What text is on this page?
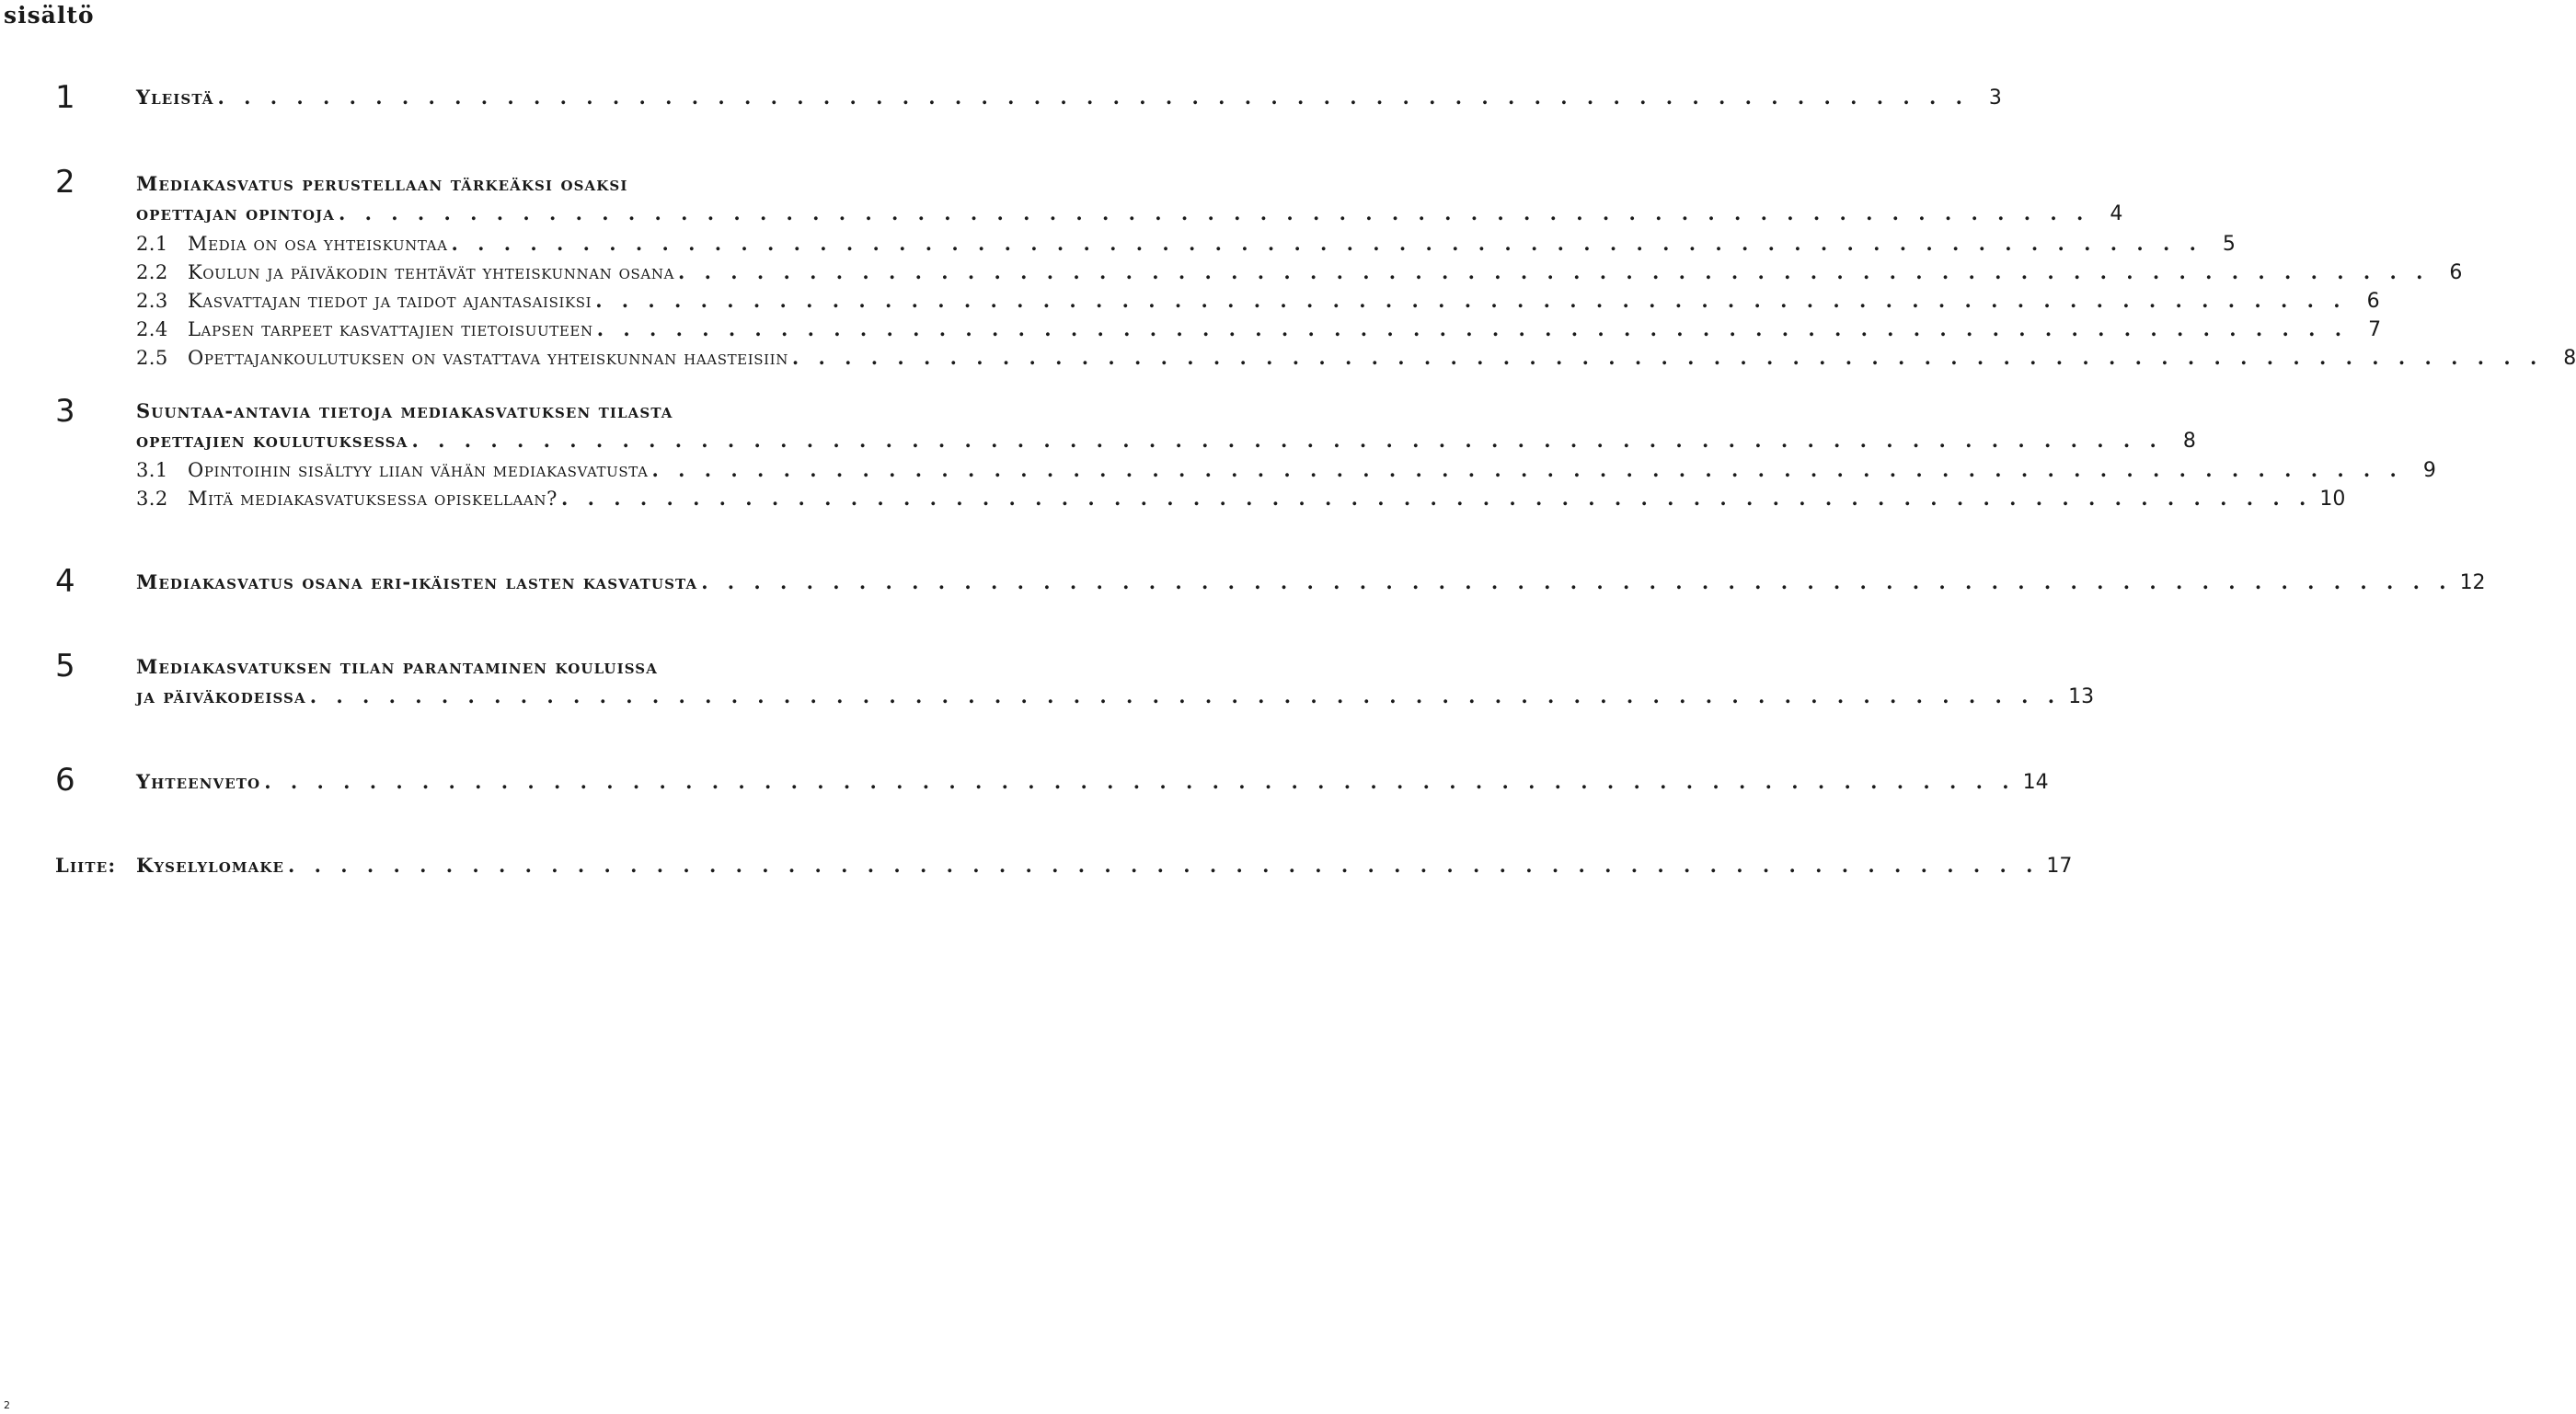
sisältö
1	Yleistä . . . . . . . . . . . . . . . . . . . . . . . . . . . . . . . . . . . . . . . . . . . . . . . . . . . . . . . . . . . . . . . . . . .	3
2	Mediakasvatus perustellaan tärkeäksi osaksi
opettajan opintoja . . . . . . . . . . . . . . . . . . . . . . . . . . . . . . . . . . . . . . . . . . . . . . . . . . . . . . . . . . . . . . . . . . .	4
2.1	Media on osa yhteiskuntaa . . . . . . . . . . . . . . . . . . . . . . . . . . . . . . . . . . . . . . . . . . . . . . . . . . . . . . . . . . . . . . . . . . .	5
2.2	Koulun ja päiväkodin tehtävät yhteiskunnan osana . . . . . . . . . . . . . . . . . . . . . . . . . . . . . . . . . . . . . . . . . . . . . . . . . . . . . . . . . . . . . . . . . . .	6
2.3	Kasvattajan tiedot ja taidot ajantasaisiksi . . . . . . . . . . . . . . . . . . . . . . . . . . . . . . . . . . . . . . . . . . . . . . . . . . . . . . . . . . . . . . . . . . .	6
2.4	Lapsen tarpeet kasvattajien tietoisuuteen . . . . . . . . . . . . . . . . . . . . . . . . . . . . . . . . . . . . . . . . . . . . . . . . . . . . . . . . . . . . . . . . . . .	7
2.5	Opettajankoulutuksen on vastattava yhteiskunnan haasteisiin . . . . . . . . . . . . . . . . . . . . . . . . . . . . . . . . . . . . . . . . . . . . . . . . . . . . . . . . . . . . . . . . . . .	8
3	Suuntaa-antavia tietoja mediakasvatuksen tilasta
opettajien koulutuksessa . . . . . . . . . . . . . . . . . . . . . . . . . . . . . . . . . . . . . . . . . . . . . . . . . . . . . . . . . . . . . . . . . . .	8
3.1	Opintoihin sisältyy liian vähän mediakasvatusta . . . . . . . . . . . . . . . . . . . . . . . . . . . . . . . . . . . . . . . . . . . . . . . . . . . . . . . . . . . . . . . . . . .	9
3.2	Mitä mediakasvatuksessa opiskellaan? . . . . . . . . . . . . . . . . . . . . . . . . . . . . . . . . . . . . . . . . . . . . . . . . . . . . . . . . . . . . . . . . . . . 10
4	Mediakasvatus osana eri-ikäisten lasten kasvatusta . . . . . . . . . . . . . . . . . . . . . . . . . . . . . . . . . . . . . . . . . . . . . . . . . . . . . . . . . . . . . . . . . . . 12
5	Mediakasvatuksen tilan parantaminen kouluissa
ja päiväkodeissa . . . . . . . . . . . . . . . . . . . . . . . . . . . . . . . . . . . . . . . . . . . . . . . . . . . . . . . . . . . . . . . . . . . 13
6	Yhteenveto . . . . . . . . . . . . . . . . . . . . . . . . . . . . . . . . . . . . . . . . . . . . . . . . . . . . . . . . . . . . . . . . . . . 14
Liite: Kyselylomake . . . . . . . . . . . . . . . . . . . . . . . . . . . . . . . . . . . . . . . . . . . . . . . . . . . . . . . . . . . . . . . . . . . 17
2
